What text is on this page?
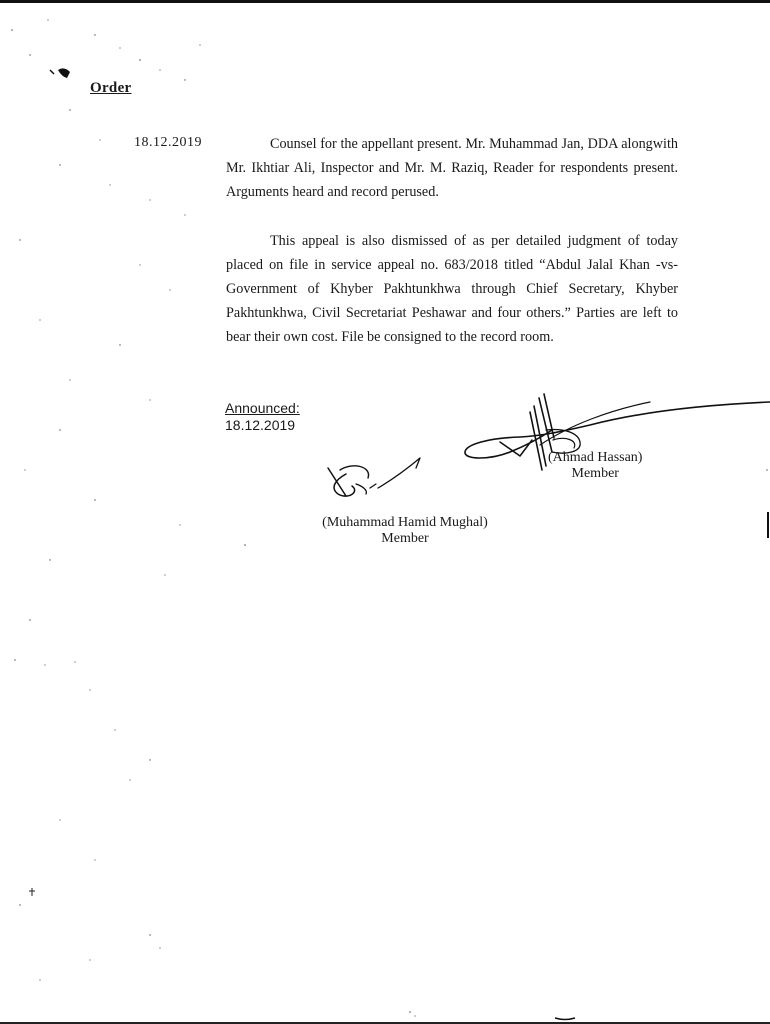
Order
18.12.2019	Counsel for the appellant present. Mr. Muhammad Jan, DDA alongwith Mr. Ikhtiar Ali, Inspector and Mr. M. Raziq, Reader for respondents present. Arguments heard and record perused.

This appeal is also dismissed of as per detailed judgment of today placed on file in service appeal no. 683/2018 titled “Abdul Jalal Khan -vs- Government of Khyber Pakhtunkhwa through Chief Secretary, Khyber Pakhtunkhwa, Civil Secretariat Peshawar and four others.” Parties are left to bear their own cost. File be consigned to the record room.

Announced:
18.12.2019
(Ahmad Hassan)
Member
(Muhammad Hamid Mughal)
Member
